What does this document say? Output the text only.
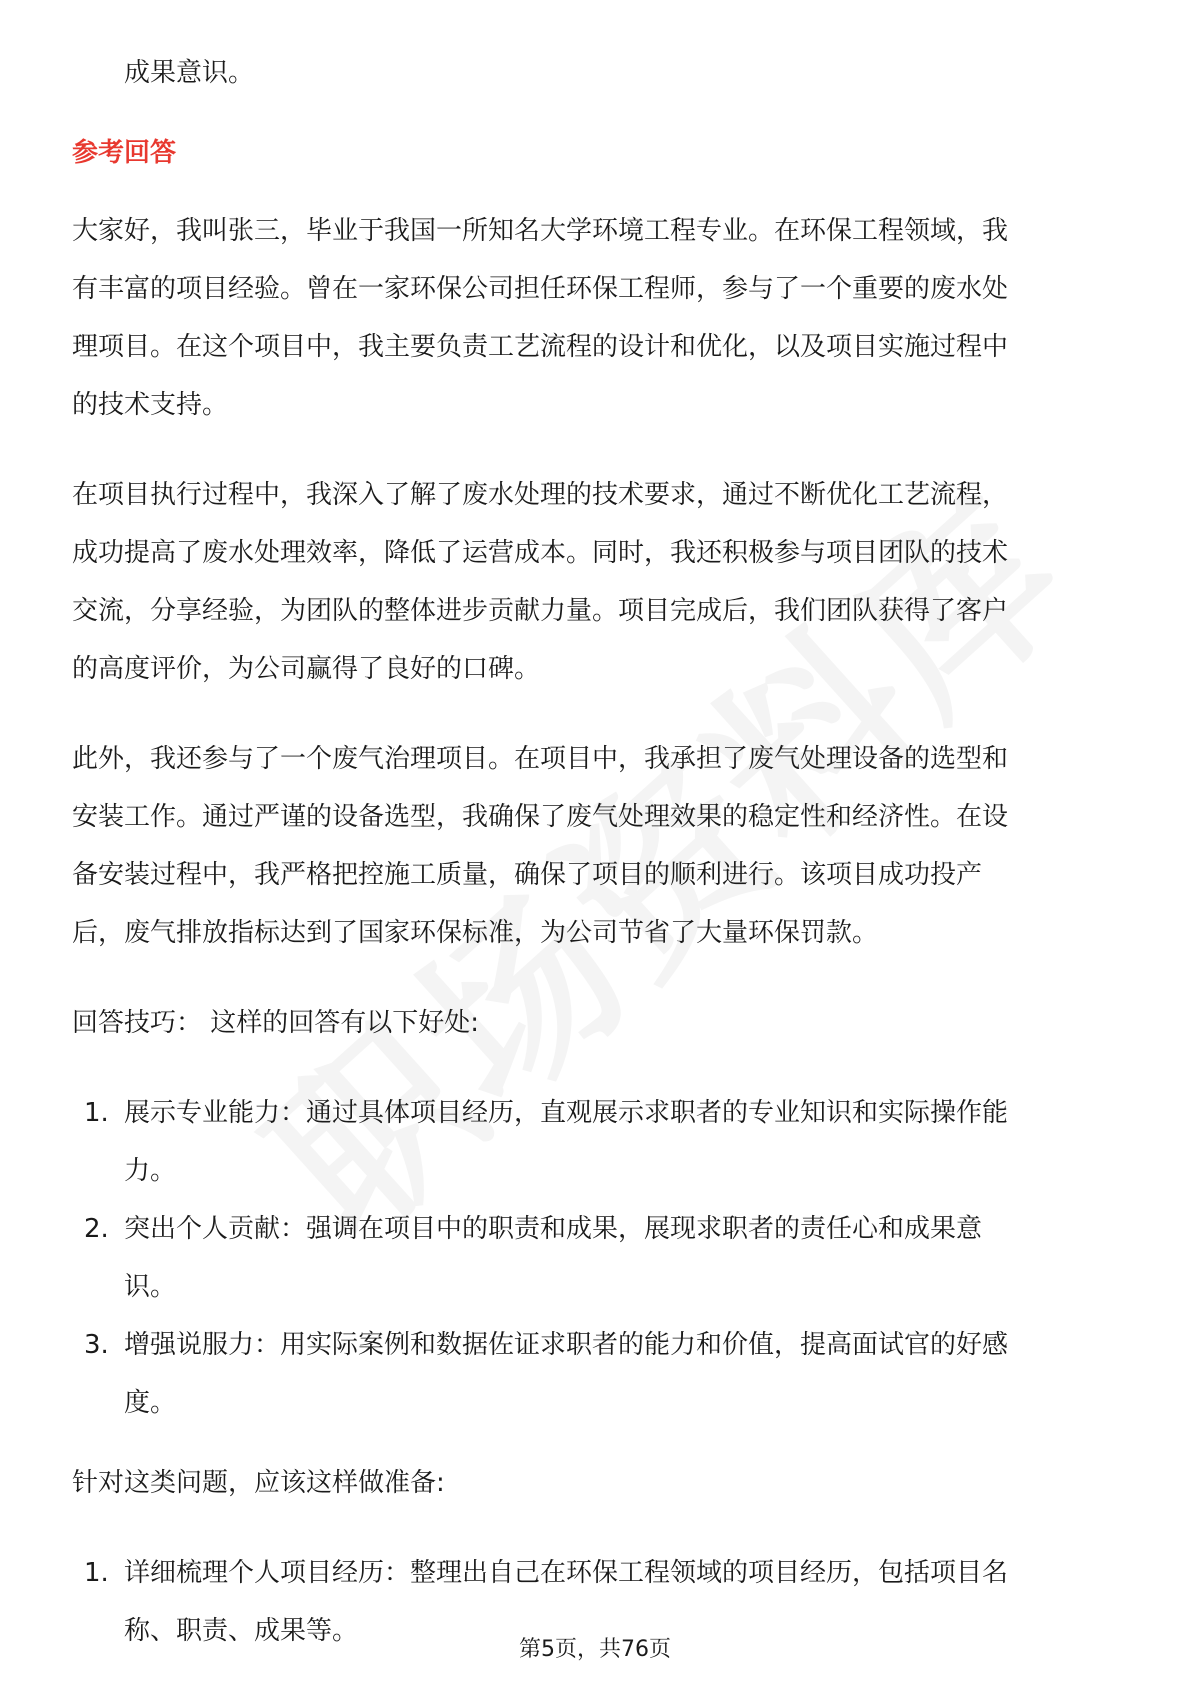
成果意识。
参考回答
大家好，我叫张三，毕业于我国一所知名大学环境工程专业。在环保工程领域，我
有丰富的项目经验。曾在一家环保公司担任环保工程师，参与了一个重要的废水处
理项目。在这个项目中，我主要负责工艺流程的设计和优化，以及项目实施过程中
的技术支持。
在项目执行过程中，我深入了解了废水处理的技术要求，通过不断优化工艺流程，
成功提高了废水处理效率，降低了运营成本。同时，我还积极参与项目团队的技术
交流，分享经验，为团队的整体进步贡献力量。项目完成后，我们团队获得了客户
的高度评价，为公司赢得了良好的口碑。
此外，我还参与了一个废气治理项目。在项目中，我承担了废气处理设备的选型和
安装工作。通过严谨的设备选型，我确保了废气处理效果的稳定性和经济性。在设
备安装过程中，我严格把控施工质量，确保了项目的顺利进行。该项目成功投产
后，废气排放指标达到了国家环保标准，为公司节省了大量环保罚款。
回答技巧： 这样的回答有以下好处:
1. 展示专业能力：通过具体项目经历，直观展示求职者的专业知识和实际操作能
力。
2. 突出个人贡献：强调在项目中的职责和成果，展现求职者的责任心和成果意
识。
3. 增强说服力：用实际案例和数据佐证求职者的能力和价值，提高面试官的好感
度。
针对这类问题，应该这样做准备:
1. 详细梳理个人项目经历：整理出自己在环保工程领域的项目经历，包括项目名
称、职责、成果等。
第5页，共76页
